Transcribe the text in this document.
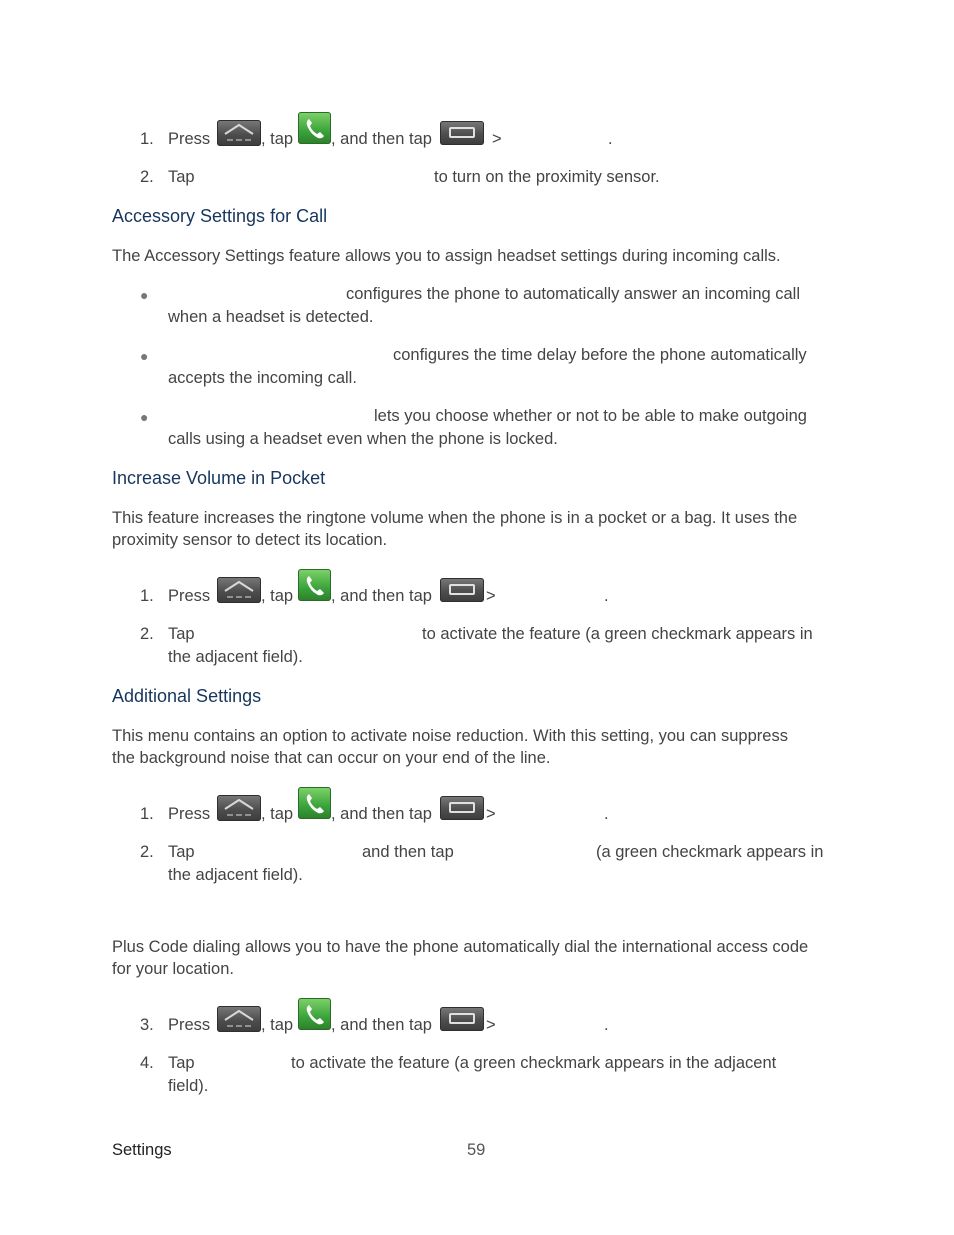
1. Press	, tap , and then tap	>	.
2. Tap	to turn on the proximity sensor.
Accessory Settings for Call
The Accessory Settings feature allows you to assign headset settings during incoming calls.
●	configures the phone to automatically answer an incoming call
when a headset is detected.
●	configures the time delay before the phone automatically
accepts the incoming call.
●	lets you choose whether or not to be able to make outgoing
calls using a headset even when the phone is locked.
Increase Volume in Pocket
This feature increases the ringtone volume when the phone is in a pocket or a bag. It uses the
proximity sensor to detect its location.
1. Press	, tap , and then tap	>	.
2. Tap	to activate the feature (a green checkmark appears in
the adjacent field).
Additional Settings
This menu contains an option to activate noise reduction. With this setting, you can suppress
the background noise that can occur on your end of the line.
1. Press	, tap , and then tap	>	.
2. Tap	and then tap	(a green checkmark appears in
the adjacent field).
Plus Code dialing allows you to have the phone automatically dial the international access code
for your location.
3. Press	, tap , and then tap	>	.
4. Tap	to activate the feature (a green checkmark appears in the adjacent
field).
Settings	59
